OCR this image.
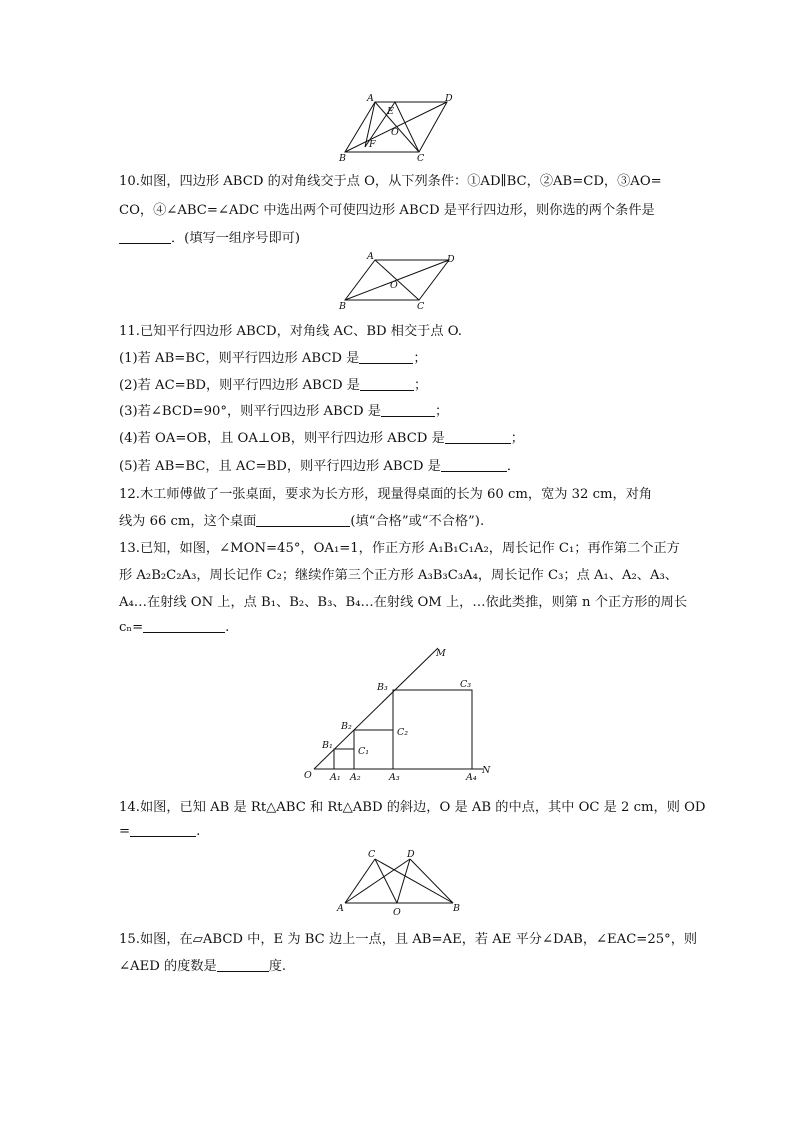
A	D
E
O
F
B	C
10.如图，四边形 ABCD 的对角线交于点 O，从下列条件：①AD∥BC，②AB=CD，③AO=
CO，④∠ABC=∠ADC 中选出两个可使四边形 ABCD 是平行四边形，则你选的两个条件是
．(填写一组序号即可)
A	D
O
B	C
11.已知平行四边形 ABCD，对角线 AC、BD 相交于点 O.
(1)若 AB=BC，则平行四边形 ABCD 是	；
(2)若 AC=BD，则平行四边形 ABCD 是	；
(3)若∠BCD=90°，则平行四边形 ABCD 是	；
(4)若 OA=OB，且 OA⊥OB，则平行四边形 ABCD 是	；
(5)若 AB=BC，且 AC=BD，则平行四边形 ABCD 是	．
12.木工师傅做了一张桌面，要求为长方形，现量得桌面的长为 60 cm，宽为 32 cm，对角
线为 66 cm，这个桌面	(填“合格”或“不合格”).
13.已知，如图，∠MON=45°，OA₁=1，作正方形 A₁B₁C₁A₂，周长记作 C₁；再作第二个正方
形 A₂B₂C₂A₃，周长记作 C₂；继续作第三个正方形 A₃B₃C₃A₄，周长记作 C₃；点 A₁、A₂、A₃、
A₄…在射线 ON 上，点 B₁、B₂、B₃、B₄…在射线 OM 上，…依此类推，则第 n 个正方形的周长
cₙ=	.
M
C₃
B₃
B₂
C₂
B₁
C₁
O A₁ A₂	A₃	A₄
N
14.如图，已知 AB 是 Rt△ABC 和 Rt△ABD 的斜边，O 是 AB 的中点，其中 OC 是 2 cm，则 OD
=	.
C	D
A	O	B
15.如图，在▱ABCD 中，E 为 BC 边上一点，且 AB=AE，若 AE 平分∠DAB，∠EAC=25°，则
∠AED 的度数是	度.
